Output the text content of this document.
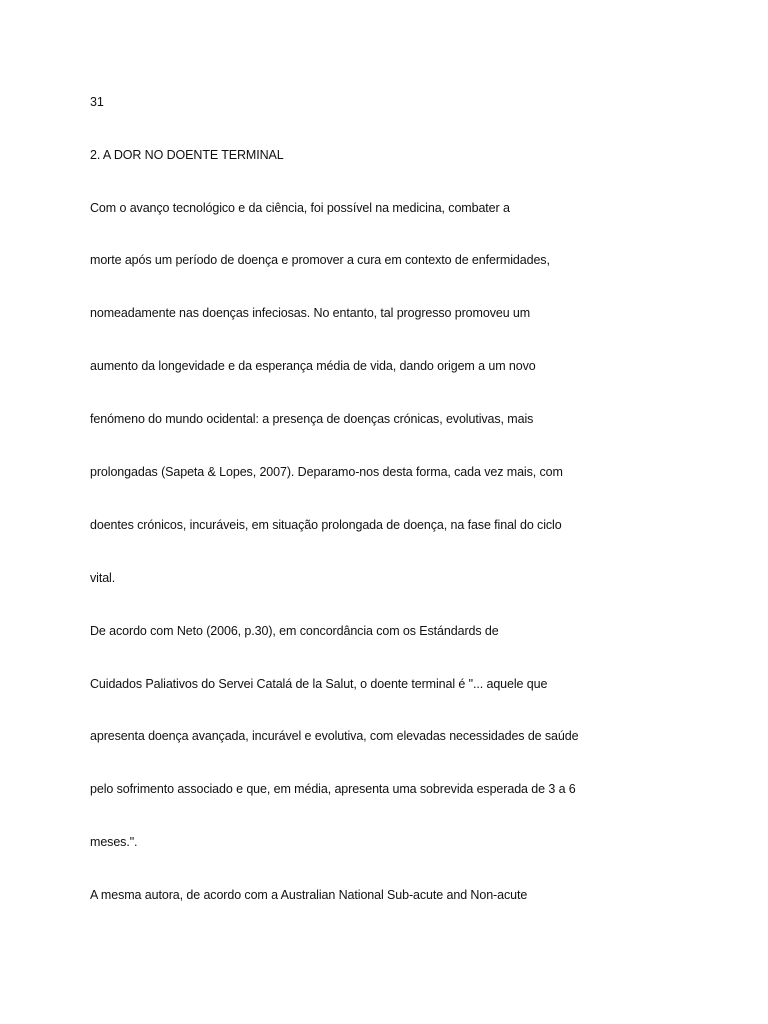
31
2. A DOR NO DOENTE TERMINAL
Com o avanço tecnológico e da ciência, foi possível na medicina, combater a
morte após um período de doença e promover a cura em contexto de enfermidades,
nomeadamente nas doenças infeciosas. No entanto, tal progresso promoveu um
aumento da longevidade e da esperança média de vida, dando origem a um novo
fenómeno do mundo ocidental: a presença de doenças crónicas, evolutivas, mais
prolongadas (Sapeta & Lopes, 2007). Deparamo-nos desta forma, cada vez mais, com
doentes crónicos, incuráveis, em situação prolongada de doença, na fase final do ciclo
vital.
De acordo com Neto (2006, p.30), em concordância com os Estándards de
Cuidados Paliativos do Servei Catalá de la Salut, o doente terminal é "... aquele que
apresenta doença avançada, incurável e evolutiva, com elevadas necessidades de saúde
pelo sofrimento associado e que, em média, apresenta uma sobrevida esperada de 3 a 6
meses.".
A mesma autora, de acordo com a Australian National Sub-acute and Non-acute
